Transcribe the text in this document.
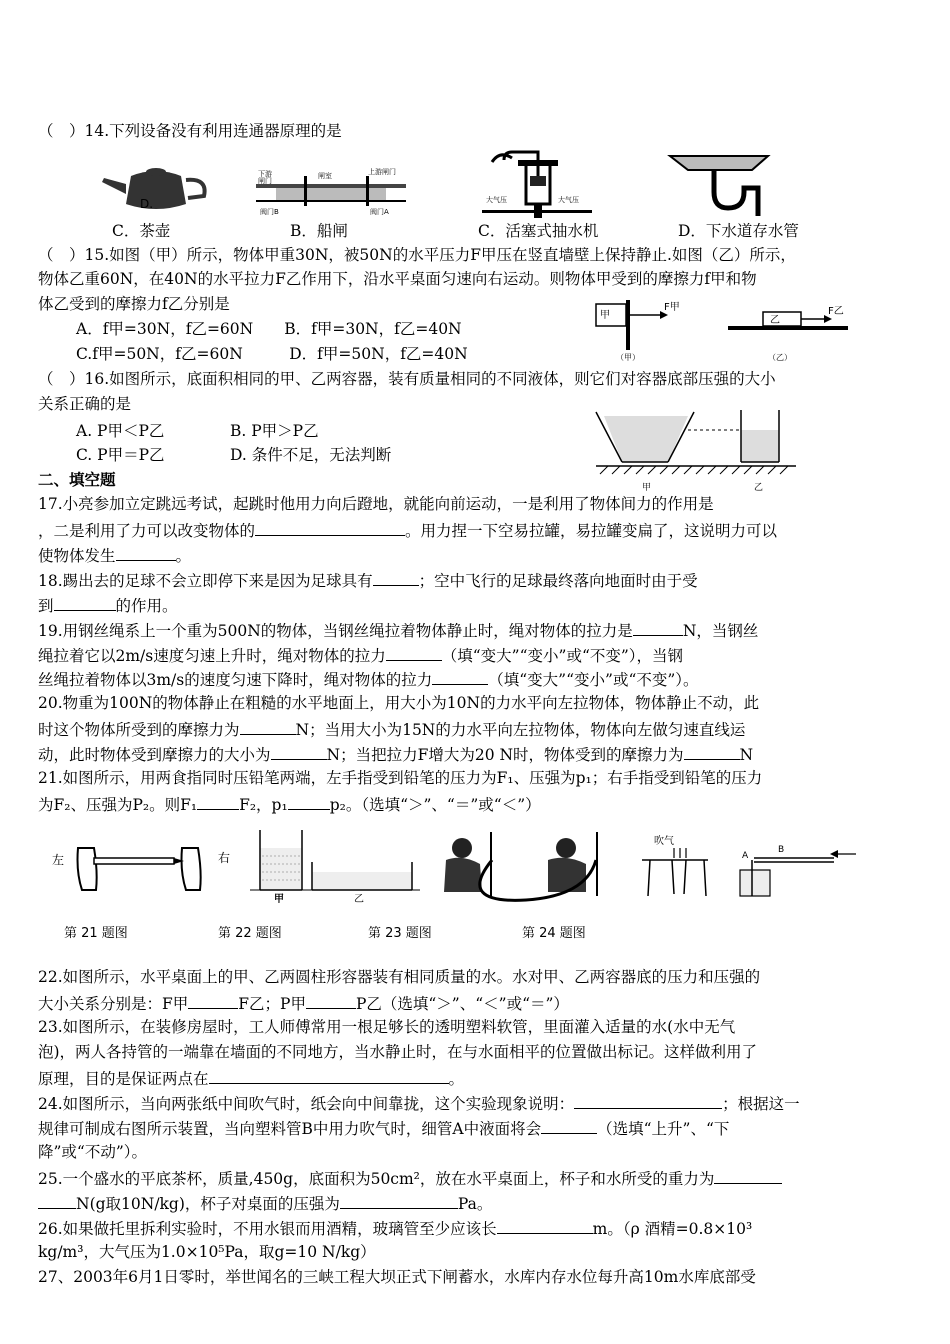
（　）14.下列设备没有利用连通器原理的是
D.
下游
闸门
闸室	上游闸门
阀门B	阀门A
大气压	大气压
C．茶壶	B．船闸	C．活塞式抽水机	D．下水道存水管
（　）15.如图（甲）所示，物体甲重30N，被50N的水平压力F甲压在竖直墙壁上保持静止.如图（乙）所示，
物体乙重60N，在40N的水平拉力F乙作用下，沿水平桌面匀速向右运动。则物体甲受到的摩擦力f甲和物
体乙受到的摩擦力f乙分别是
A．f甲=30N，f乙=60N　　B．f甲=30N，f乙=40N
C.f甲=50N，f乙=60N　　　D．f甲=50N，f乙=40N
甲
F甲
（甲）
乙
F乙
（乙）
（　）16.如图所示，底面积相同的甲、乙两容器，装有质量相同的不同液体，则它们对容器底部压强的大小
关系正确的是
A. P甲＜P乙	B. P甲＞P乙
C. P甲＝P乙	D. 条件不足，无法判断
甲	乙
二、填空题
17.小亮参加立定跳远考试，起跳时他用力向后蹬地，就能向前运动，一是利用了物体间力的作用是
，二是利用了力可以改变物体的	。用力捏一下空易拉罐，易拉罐变扁了，这说明力可以
使物体发生	。
18.踢出去的足球不会立即停下来是因为足球具有	；空中飞行的足球最终落向地面时由于受
到	的作用。
19.用钢丝绳系上一个重为500N的物体，当钢丝绳拉着物体静止时，绳对物体的拉力是	N，当钢丝
绳拉着它以2m/s速度匀速上升时，绳对物体的拉力	（填“变大”“变小”或“不变”），当钢
丝绳拉着物体以3m/s的速度匀速下降时，绳对物体的拉力	（填“变大”“变小”或“不变”）。
20.物重为100N的物体静止在粗糙的水平地面上，用大小为10N的力水平向左拉物体，物体静止不动，此
时这个物体所受到的摩擦力为	N；当用大小为15N的力水平向左拉物体，物体向左做匀速直线运
动，此时物体受到摩擦力的大小为	N；当把拉力F增大为20 N时，物体受到的摩擦力为	N
21.如图所示，用两食指同时压铅笔两端，左手指受到铅笔的压力为F₁、压强为p₁；右手指受到铅笔的压力
为F₂、压强为P₂。则F₁	F₂，p₁	p₂。（选填“＞”、“＝”或“＜”）
左	右
甲	乙
吹气
A
B
第 21 题图	第 22 题图	第 23 题图	第 24 题图
22.如图所示，水平桌面上的甲、乙两圆柱形容器装有相同质量的水。水对甲、乙两容器底的压力和压强的
大小关系分别是：F甲	F乙；P甲	P乙（选填“＞”、“＜”或“＝”）
23.如图所示，在装修房屋时，工人师傅常用一根足够长的透明塑料软管，里面灌入适量的水(水中无气
泡)，两人各持管的一端靠在墙面的不同地方，当水静止时，在与水面相平的位置做出标记。这样做利用了
原理，目的是保证两点在	。
24.如图所示，当向两张纸中间吹气时，纸会向中间靠拢，这个实验现象说明：	；根据这一
规律可制成右图所示装置，当向塑料管B中用力吹气时，细管A中液面将会	（选填“上升”、“下
降”或“不动”）。
25.一个盛水的平底茶杯，质量,450g，底面积为50cm²，放在水平桌面上，杯子和水所受的重力为
N(g取10N/kg)，杯子对桌面的压强为	Pa。
26.如果做托里拆利实验时，不用水银而用酒精，玻璃管至少应该长	m。（ρ 酒精=0.8×10³
kg/m³，大气压为1.0×10⁵Pa，取g=10 N/kg）
27、2003年6月1日零时，举世闻名的三峡工程大坝正式下闸蓄水，水库内存水位每升高10m水库底部受
